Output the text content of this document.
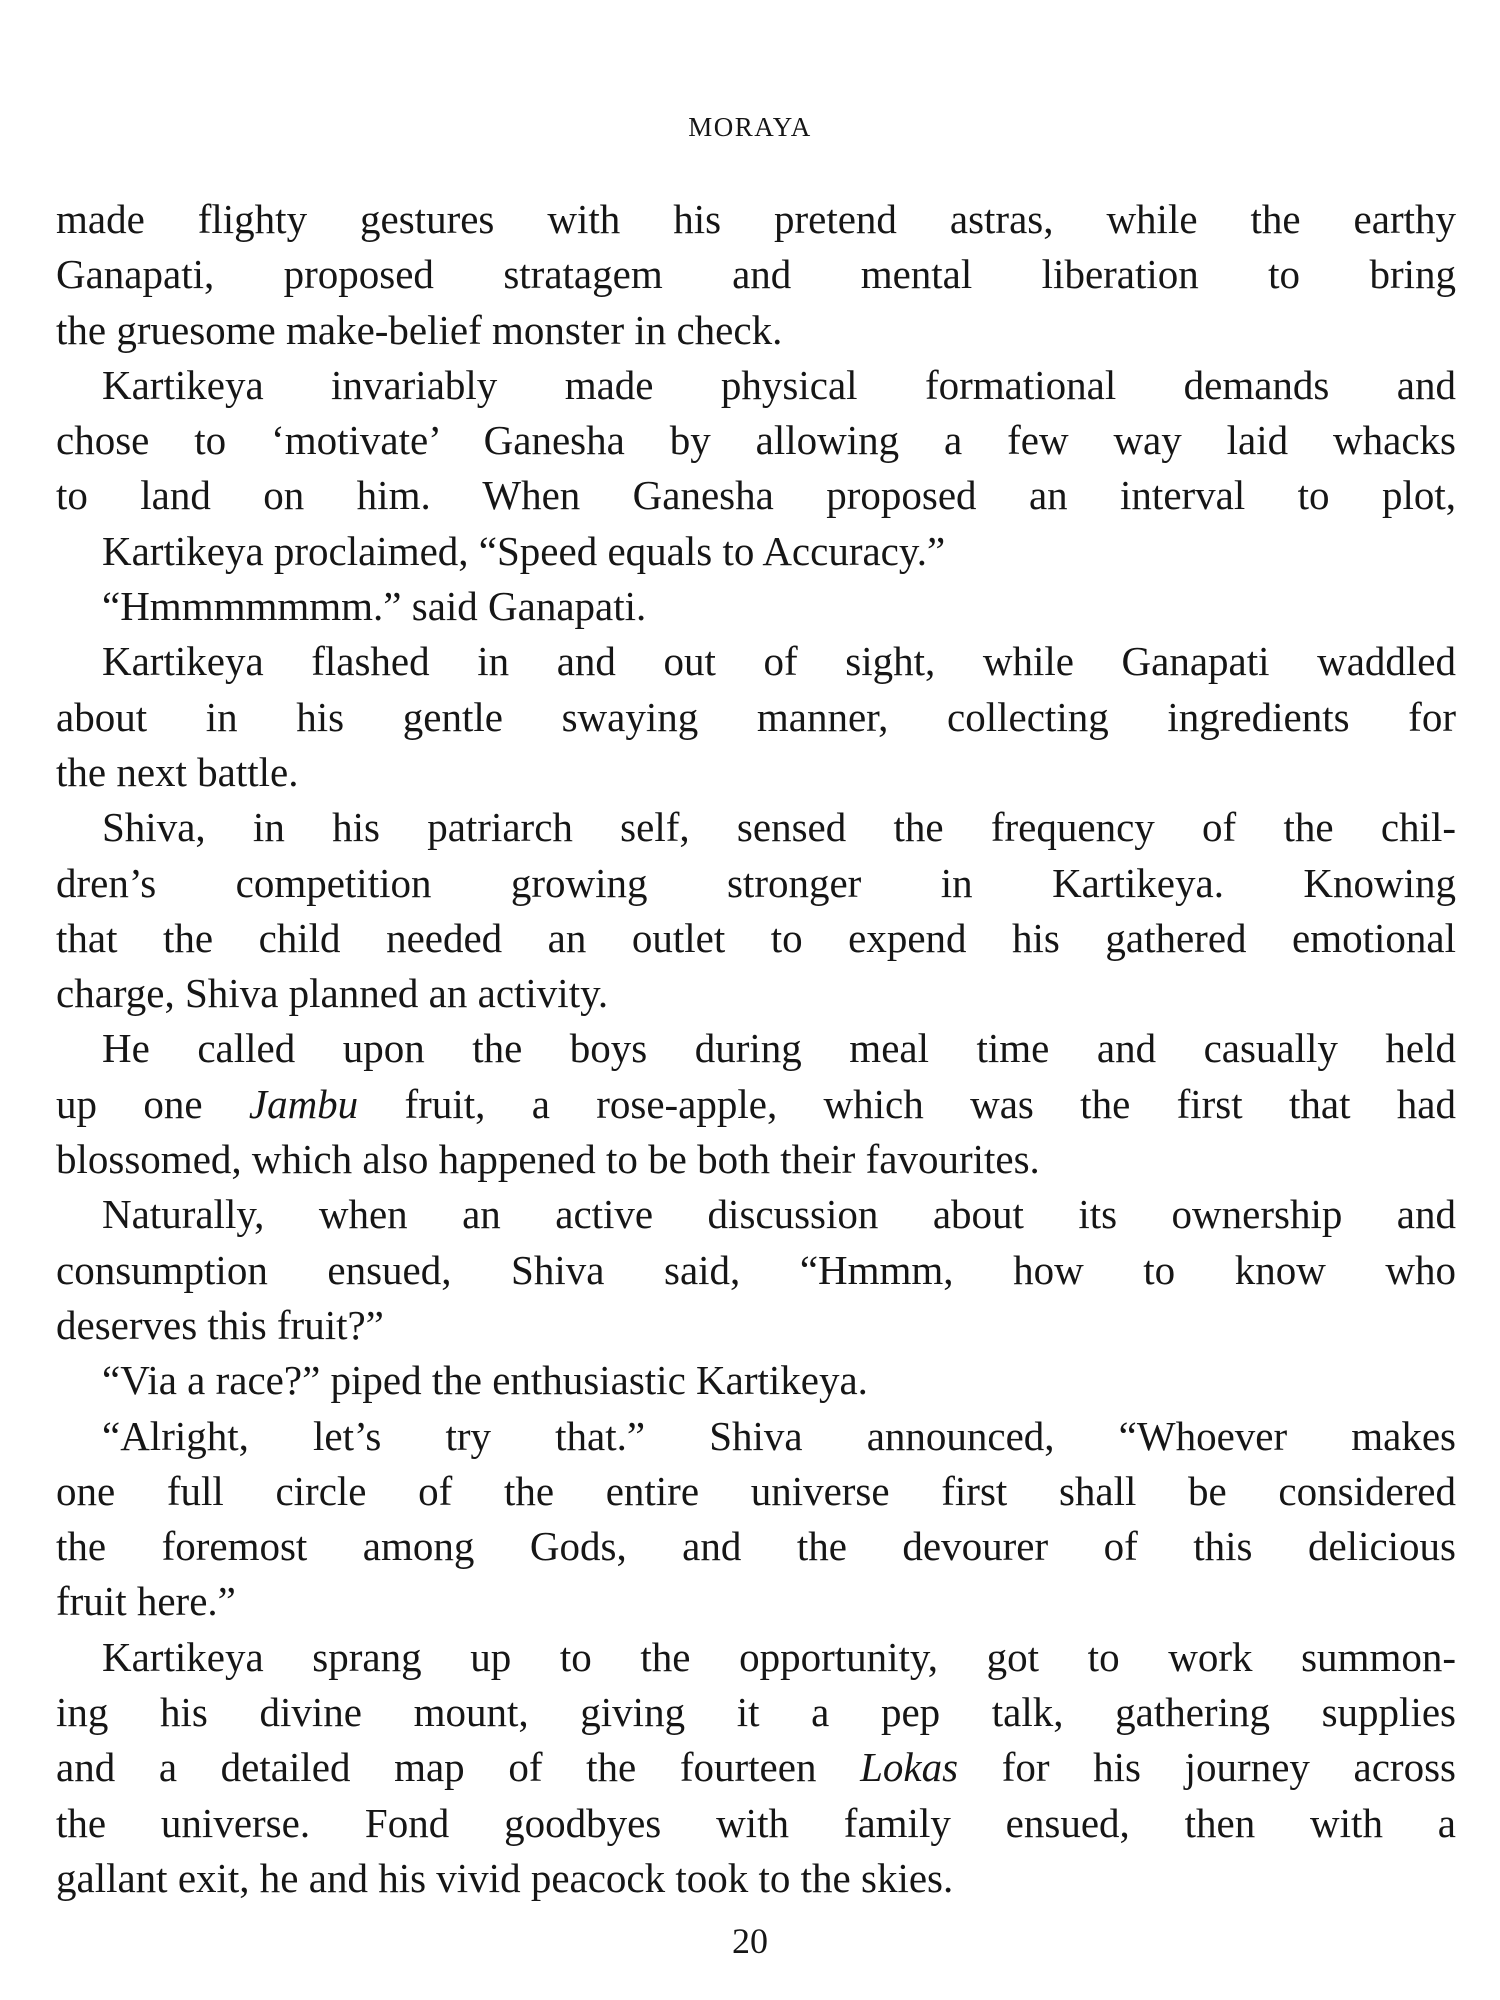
MORAYA
made flighty gestures with his pretend astras, while the earthy
Ganapati, proposed stratagem and mental liberation to bring
the gruesome make-belief monster in check.
Kartikeya invariably made physical formational demands and
chose to ‘motivate’ Ganesha by allowing a few way laid whacks
to land on him. When Ganesha proposed an interval to plot,
Kartikeya proclaimed, “Speed equals to Accuracy.”
“Hmmmmmmm.” said Ganapati.
Kartikeya flashed in and out of sight, while Ganapati waddled
about in his gentle swaying manner, collecting ingredients for
the next battle.
Shiva, in his patriarch self, sensed the frequency of the chil-
dren’s competition growing stronger in Kartikeya. Knowing
that the child needed an outlet to expend his gathered emotional
charge, Shiva planned an activity.
He called upon the boys during meal time and casually held
up one Jambu fruit, a rose-apple, which was the first that had
blossomed, which also happened to be both their favourites.
Naturally, when an active discussion about its ownership and
consumption ensued, Shiva said, “Hmmm, how to know who
deserves this fruit?”
“Via a race?” piped the enthusiastic Kartikeya.
“Alright, let’s try that.” Shiva announced, “Whoever makes
one full circle of the entire universe first shall be considered
the foremost among Gods, and the devourer of this delicious
fruit here.”
Kartikeya sprang up to the opportunity, got to work summon-
ing his divine mount, giving it a pep talk, gathering supplies
and a detailed map of the fourteen Lokas for his journey across
the universe. Fond goodbyes with family ensued, then with a
gallant exit, he and his vivid peacock took to the skies.
20
